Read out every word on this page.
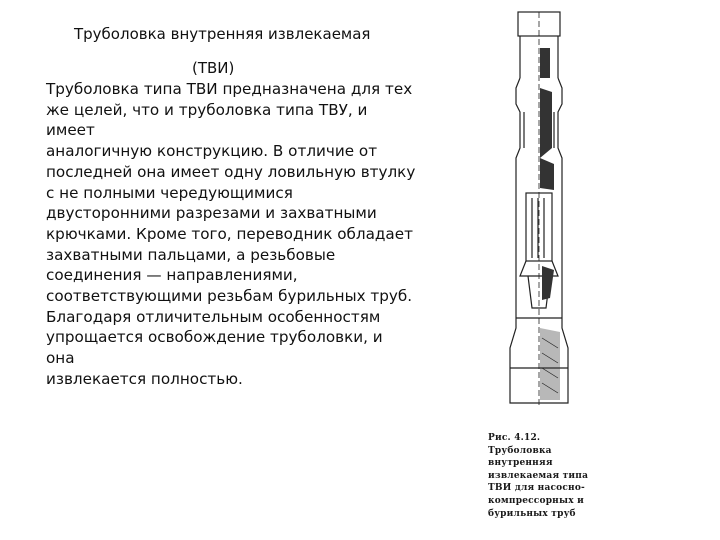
Труболовка внутренняя извлекаемая
(ТВИ)
Труболовка типа ТВИ предназначена для тех
же целей, что и труболовка типа ТВУ, и имеет
аналогичную конструкцию. В отличие от
последней она имеет одну ловильную втулку
с не полными чередующимися
двусторонними разрезами и захватными
крючками. Кроме того, переводник обладает
захватными пальцами, а резьбовые
соединения — направлениями,
соответствующими резьбам бурильных труб.
Благодаря отличительным особенностям
упрощается освобождение труболовки, и она
извлекается полностью.
Рис. 4.12. Труболовка внутренняя
извлекаемая типа
ТВИ для насосно-
компрессорных и
бурильных труб
